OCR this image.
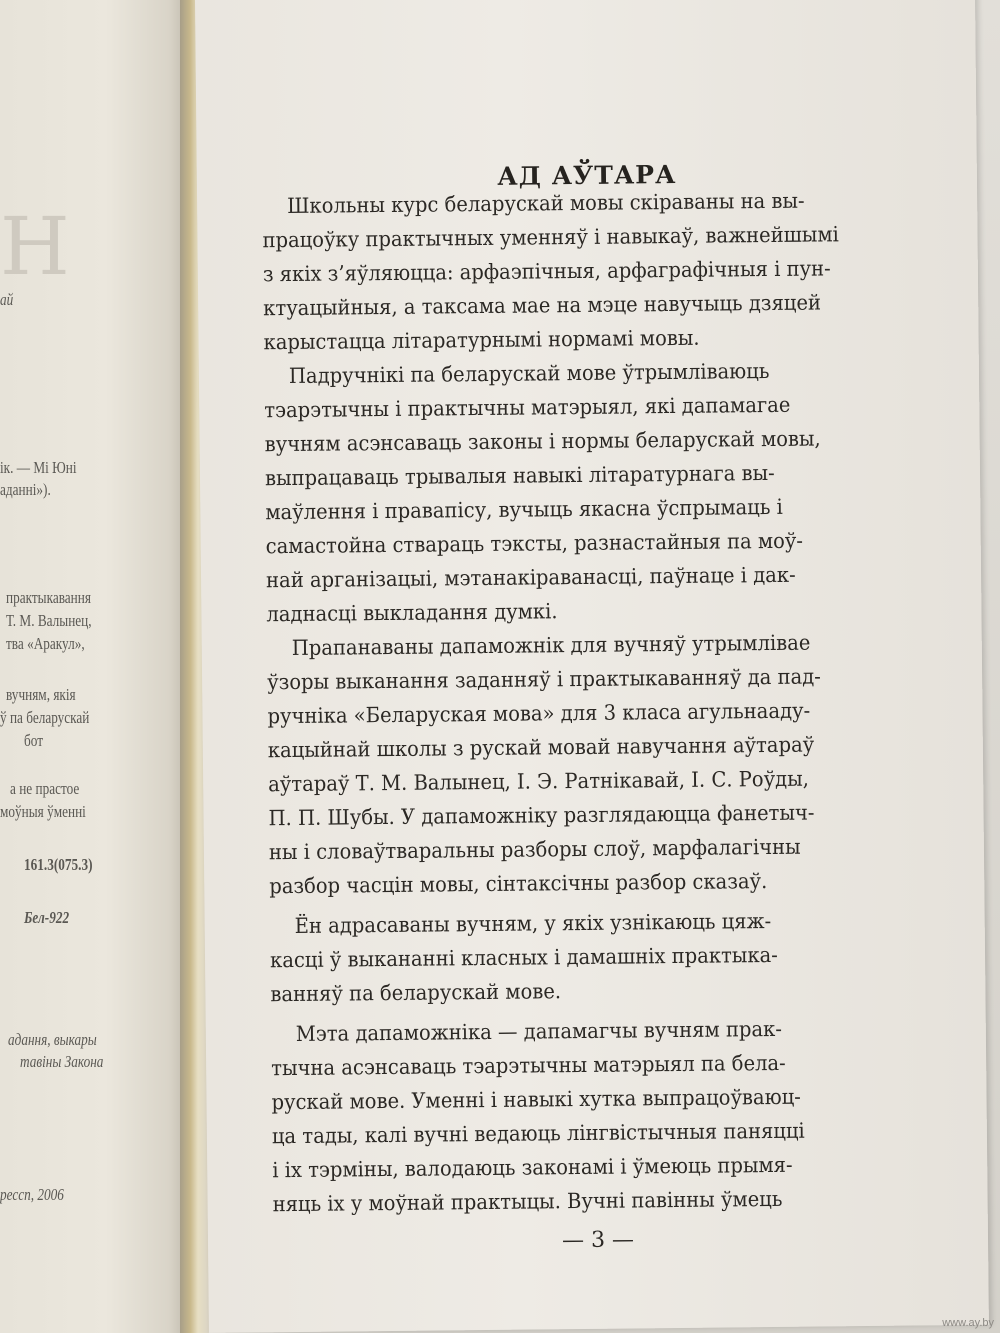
Н
ай
ік. — Мі Юні
аданні»).
практыкавання
Т. М. Валынец,
тва «Аракул»,
вучням, якія
ў па беларускай
бот
а не прастое
моўныя ўменні
161.3(075.3)
Бел-922
адання, выкары
тавіны Закона
рессп, 2006
АД АЎТАРА
Школьны курс беларускай мовы скіраваны на вы-
працоўку практычных уменняў і навыкаў, важнейшымі
з якіх з’яўляюцца: арфаэпічныя, арфаграфічныя і пун-
ктуацыйныя, а таксама мае на мэце навучыць дзяцей
карыстацца літаратурнымі нормамі мовы.
Падручнікі па беларускай мове ўтрымліваюць
тэарэтычны і практычны матэрыял, які дапамагае
вучням асэнсаваць законы і нормы беларускай мовы,
выпрацаваць трывалыя навыкі літаратурнага вы-
маўлення і правапісу, вучыць якасна ўспрымаць і
самастойна ствараць тэксты, разнастайныя па моў-
най арганізацыі, мэтанакіраванасці, паўнаце і дак-
ладнасці выкладання думкі.
Прапанаваны дапаможнік для вучняў утрымлівае
ўзоры выканання заданняў і практыкаванняў да пад-
ручніка «Беларуская мова» для 3 класа агульнааду-
кацыйнай школы з рускай мовай навучання аўтараў
аўтараў Т. М. Валынец, І. Э. Ратнікавай, І. С. Роўды,
П. П. Шубы. У дапаможніку разглядаюцца фанетыч-
ны і словаўтваральны разборы слоў, марфалагічны
разбор часцін мовы, сінтаксічны разбор сказаў.
Ён адрасаваны вучням, у якіх узнікаюць цяж-
касці ў выкананні класных і дамашніх практыка-
ванняў па беларускай мове.
Мэта дапаможніка — дапамагчы вучням прак-
тычна асэнсаваць тэарэтычны матэрыял па бела-
рускай мове. Уменні і навыкі хутка выпрацоўваюц-
ца тады, калі вучні ведаюць лінгвістычныя паняцці
і іх тэрміны, валодаюць законамі і ўмеюць прымя-
няць іх у моўнай практыцы. Вучні павінны ўмець
— 3 —
www.ay.by
